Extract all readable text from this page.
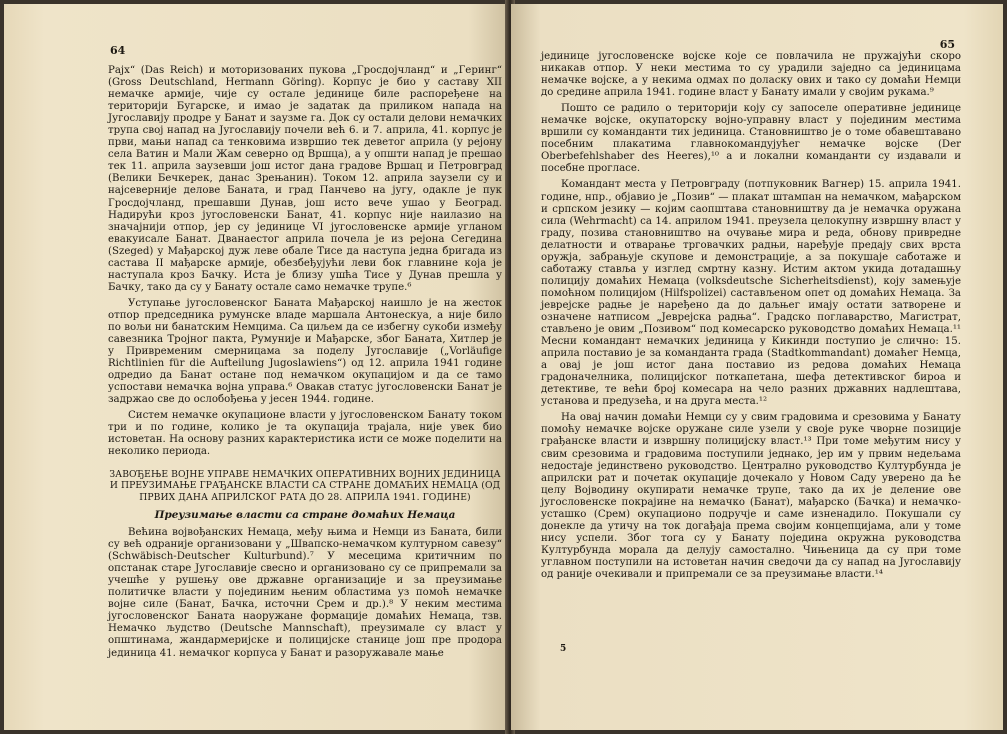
64

Рајх“ (Das Reich) и моторизованих пукова „Гросдојчланд“ и „Геринг“ (Gross Deutschland, Hermann Göring). Корпус је био у саставу XII немачке армије, чије су остале јединице биле распоређене на територији Бугарске, и имао је задатак да приликом напада на Југославију продре у Банат и заузме га. Док су остали делови немачких трупа свој напад на Југославију почели већ 6. и 7. априла, 41. корпус је први, мањи напад са тенковима извршио тек деветог априла (у рејону села Ватин и Мали Жам северно од Вршца), а у општи напад је прешао тек 11. априла заузевши још истог дана градове Вршац и Петровград (Велики Бечкерек, данас Зрењанин). Током 12. априла заузели су и најсеверније делове Баната, и град Панчево на југу, одакле је пук Гросдојчланд, прешавши Дунав, још исто вече ушао у Београд. Надирући кроз југословенски Банат, 41. корпус није наилазио на значајнији отпор, јер су јединице VI југословенске армије угланом евакуисале Банат. Дванаестог априла почела је из рејона Сегедина (Szeged) у Мађарској дуж леве обале Тисе да наступа једна бригада из састава II мађарске армије, обезбеђујући леви бок главнине која је наступала кроз Бачку. Иста је близу ушћа Тисе у Дунав прешла у Бачку, тако да су у Банату остале само немачке трупе.⁶

Уступање југословенског Баната Мађарској наишло је на жесток отпор председника румунске владе маршала Антонескуа, а није било по вољи ни банатским Немцима. Са циљем да се избегну сукоби између савезника Тројног пакта, Румуније и Мађарске, због Баната, Хитлер је у Привременим смерницама за поделу Југославије („Vorläufige Richtlinien für die Aufteilung Jugoslawiens“) од 12. априла 1941 године одредио да Банат остане под немачком окупацијом и да се тамо успостави немачка војна управа.⁶ Овакав статус југословенски Банат је задржао све до ослобођења у јесен 1944. године.

Систем немачке окупационе власти у југословенском Банату током три и по године, колико је та окупација трајала, није увек био истоветан. На основу разних карактеристика исти се може поделити на неколико периода.

ЗАВОЂЕЊЕ ВОЈНЕ УПРАВЕ НЕМАЧКИХ ОПЕРАТИВНИХ ВОЈНИХ ЈЕДИНИЦА И ПРЕУЗИМАЊЕ ГРАЂАНСКЕ ВЛАСТИ СА СТРАНЕ ДОМАЋИХ НЕМАЦА (ОД ПРВИХ ДАНА АПРИЛСКОГ РАТА ДО 28. АПРИЛА 1941. ГОДИНЕ)
Преузимање власти са стране домаћих Немаца

Већина војвођанских Немаца, међу њима и Немци из Баната, били су већ одраније организовани у „Швапско-немачком културном савезу“ (Schwäbisch-Deutscher Kulturbund).⁷ У месецима критичним по опстанак старе Југославије свесно и организовано су се припремали за учешће у рушењу ове државне организације и за преузимање политичке власти у појединим њеним областима уз помоћ немачке војне силе (Банат, Бачка, источни Срем и др.).⁸ У неким местима југословенског Баната наоружане формације домаћих Немаца, тзв. Немачко људство (Deutsche Mannschaft), преузимале су власт у општинама, жандармеријске и полицијске станице још пре продора јединица 41. немачког корпуса у Банат и разоружавале мање

65

јединице југословенске војске које се повлачила не пружајући скоро никакав отпор. У неки местима то су урадили заједно са јединицама немачке војске, а у некима одмах по доласку ових и тако су домаћи Немци до средине априла 1941. године власт у Банату имали у својим рукама.⁹

Пошто се радило о територији коју су запоселе оперативне јединице немачке војске, окупаторску војно-управну власт у појединим местима вршили су команданти тих јединица. Становништво је о томе обавештавано посебним плакатима главнокомандујућег немачке војске (Der Oberbefehlshaber des Heeres),¹⁰ а и локални команданти су издавали и посебне прогласе.

Командант места у Петровграду (потпуковник Вагнер) 15. априла 1941. године, нпр., објавио је „Позив“ — плакат штампан на немачком, мађарском и српском језику — којим саопштава становништву да је немачка оружана сила (Wehrmacht) са 14. априлом 1941. преузела целокупну извршну власт у граду, позива становништво на очување мира и реда, обнову привредне делатности и отварање трговачких радњи, наређује предају свих врста оружја, забрањује скупове и демонстрације, а за покушаје саботаже и саботажу ставља у изглед смртну казну. Истим актом укида дотадашњу полицију домаћих Немаца (volksdeutsche Sicherheitsdienst), коју замењује помоћном полицијом (Hilfspolizei) састављеном опет од домаћих Немаца. За јеврејске радње је наређено да до даљњег имају остати затворене и означене натписом „Јеврејска радња“. Градско поглаварство, Магистрат, стављено је овим „Позивом“ под комесарско руководство домаћих Немаца.¹¹ Месни командант немачких јединица у Кикинди поступио је слично: 15. априла поставио је за команданта града (Stadtkommandant) домаћег Немца, а овај је још истог дана поставио из редова домаћих Немаца градоначелника, полицијског поткапетана, шефа детективског бироа и детективе, те већи број комесара на чело разних државних надлештава, установа и предузећа, и на друга места.¹²

На овај начин домаћи Немци су у свим градовима и срезовима у Банату помоћу немачке војске оружане силе узели у своје руке чворне позиције грађанске власти и извршну полицијску власт.¹³ При томе међутим нису у свим срезовима и градовима поступили једнако, јер им у првим недељама недостаје јединствено руководство. Централно руководство Културбунда је априлски рат и почетак окупације дочекало у Новом Саду уверено да ће целу Војводину окупирати немачке трупе, тако да их је деление ове југословенске покрајине на немачко (Банат), мађарско (Бачка) и немачко-усташко (Срем) окупационо подручје и саме изненадило. Покушали су донекле да утичу на ток догађаја према својим концепцијама, али у томе нису успели. Због тога су у Банату поједина окружна руководства Културбунда морала да делују самостално. Чињеница да су при томе углавном поступили на истоветан начин сведочи да су напад на Југославију од раније очекивали и припремали се за преузимање власти.¹⁴

5
